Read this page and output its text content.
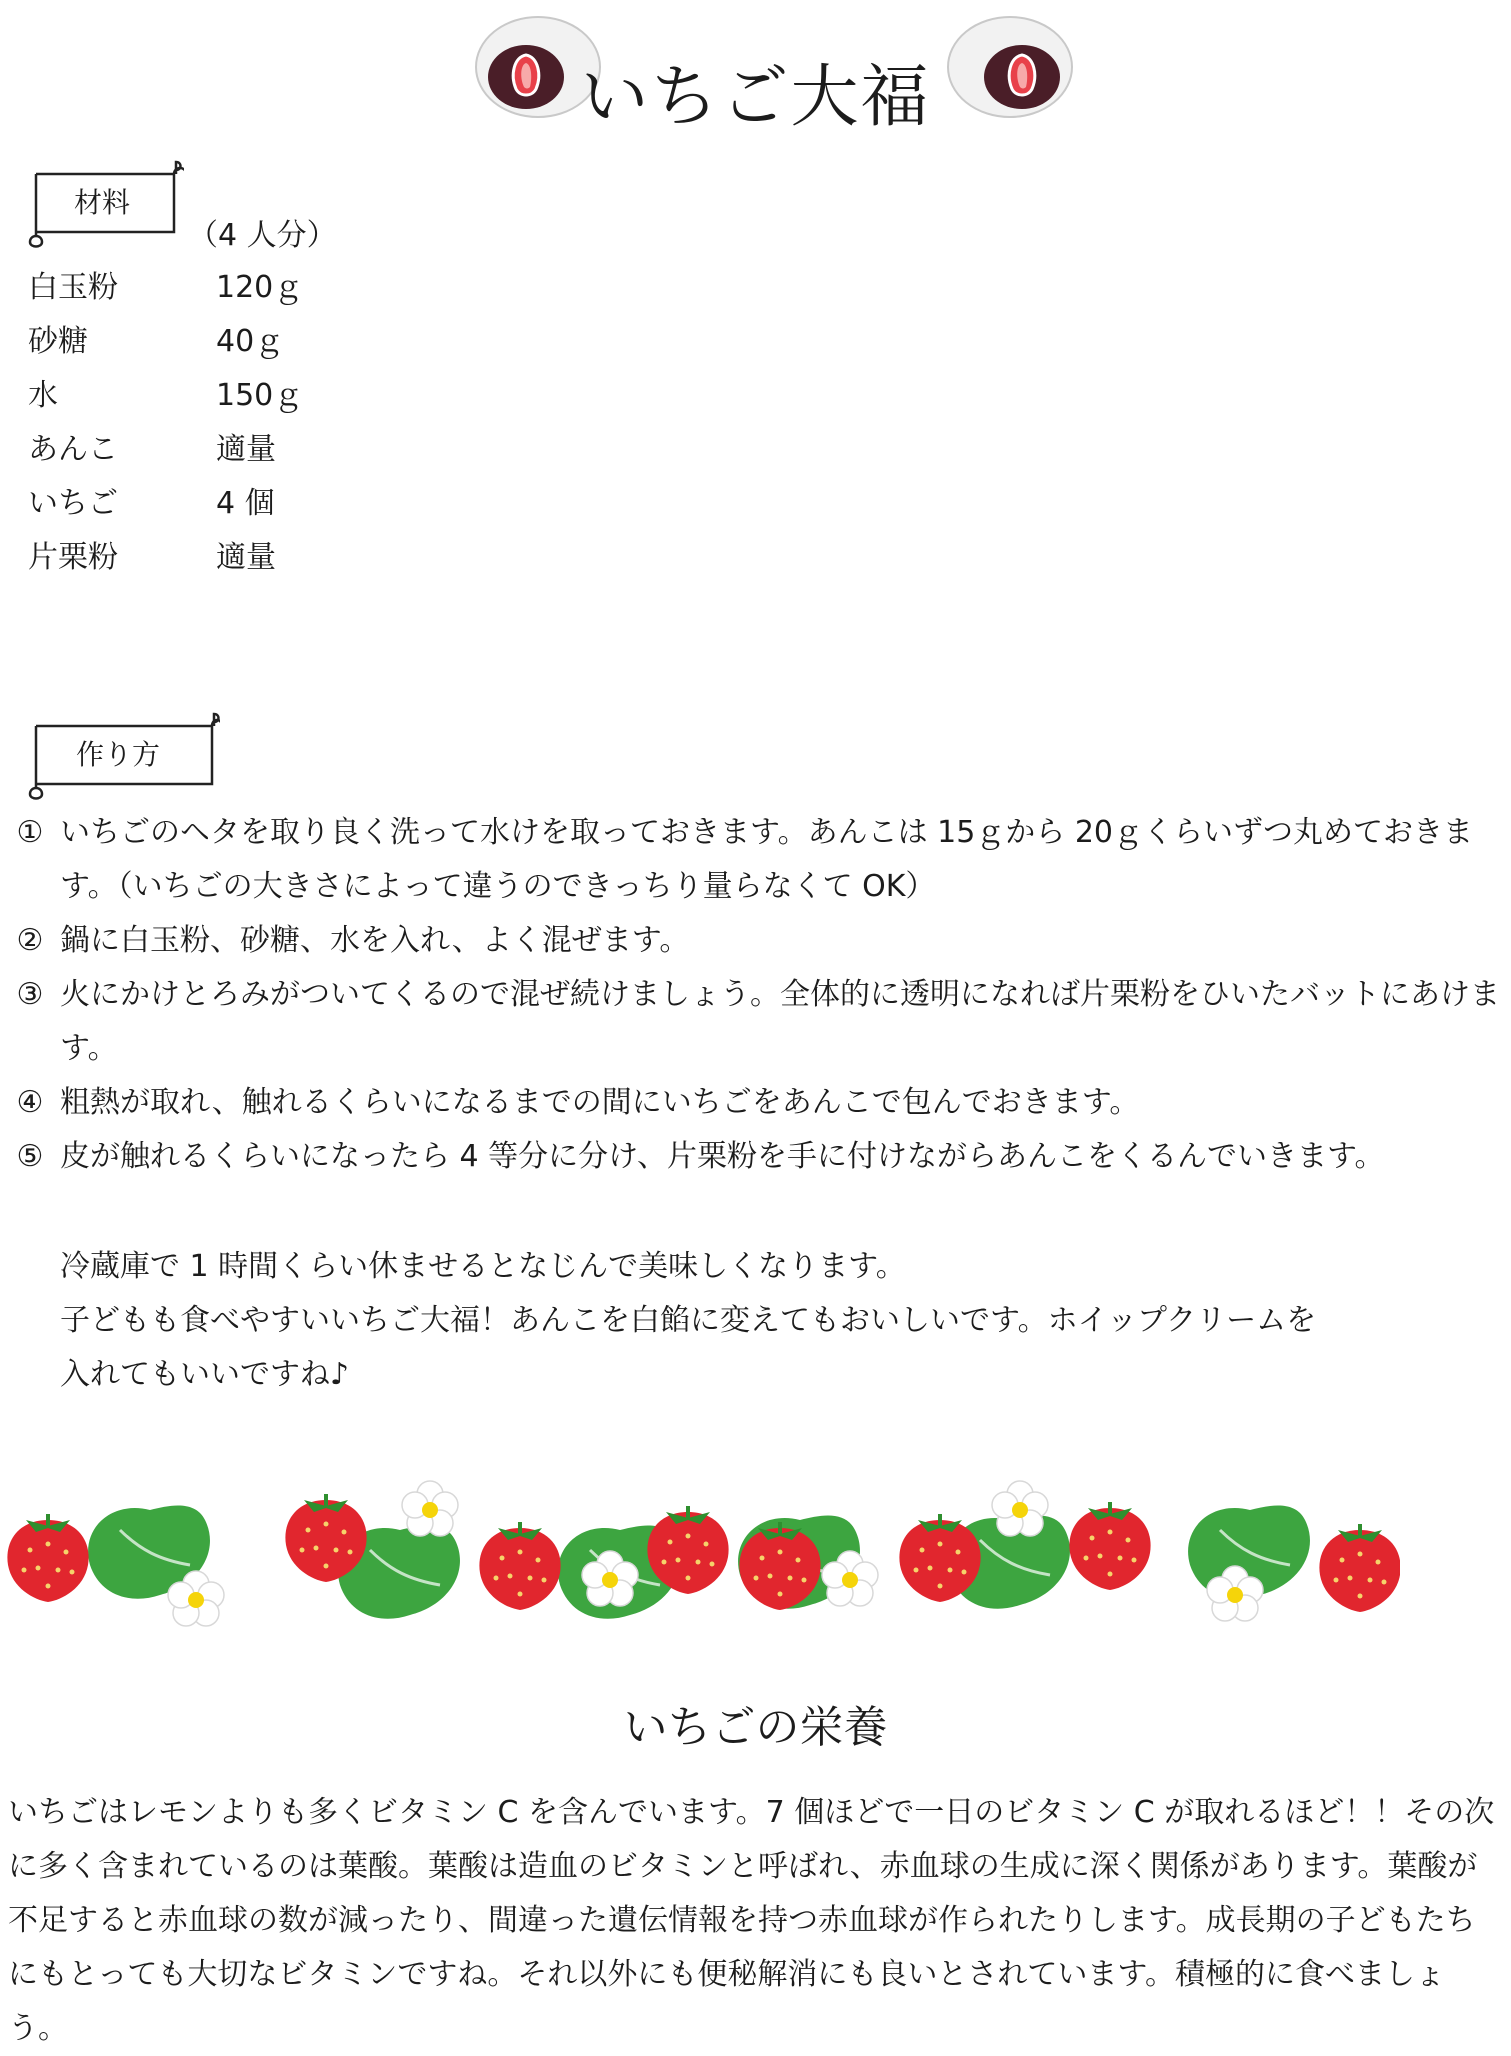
いちご大福
材料
（4 人分）
白玉粉	120ｇ
砂糖	40ｇ
水	150ｇ
あんこ	適量
いちご	4 個
片栗粉	適量
作り方
① いちごのヘタを取り良く洗って水けを取っておきます。あんこは 15ｇから 20ｇくらいずつ丸めておきます。（いちごの大きさによって違うのできっちり量らなくて OK）
② 鍋に白玉粉、砂糖、水を入れ、よく混ぜます。
③ 火にかけとろみがついてくるので混ぜ続けましょう。全体的に透明になれば片栗粉をひいたバットにあけます。
④ 粗熱が取れ、触れるくらいになるまでの間にいちごをあんこで包んでおきます。
⑤ 皮が触れるくらいになったら 4 等分に分け、片栗粉を手に付けながらあんこをくるんでいきます。
冷蔵庫で 1 時間くらい休ませるとなじんで美味しくなります。
子どもも食べやすいいちご大福！あんこを白餡に変えてもおいしいです。ホイップクリームを
入れてもいいですね♪
いちごの栄養
いちごはレモンよりも多くビタミン C を含んでいます。7 個ほどで一日のビタミン C が取れるほど！！その次に多く含まれているのは葉酸。葉酸は造血のビタミンと呼ばれ、赤血球の生成に深く関係があります。葉酸が不足すると赤血球の数が減ったり、間違った遺伝情報を持つ赤血球が作られたりします。成長期の子どもたちにもとっても大切なビタミンですね。それ以外にも便秘解消にも良いとされています。積極的に食べましょう。
